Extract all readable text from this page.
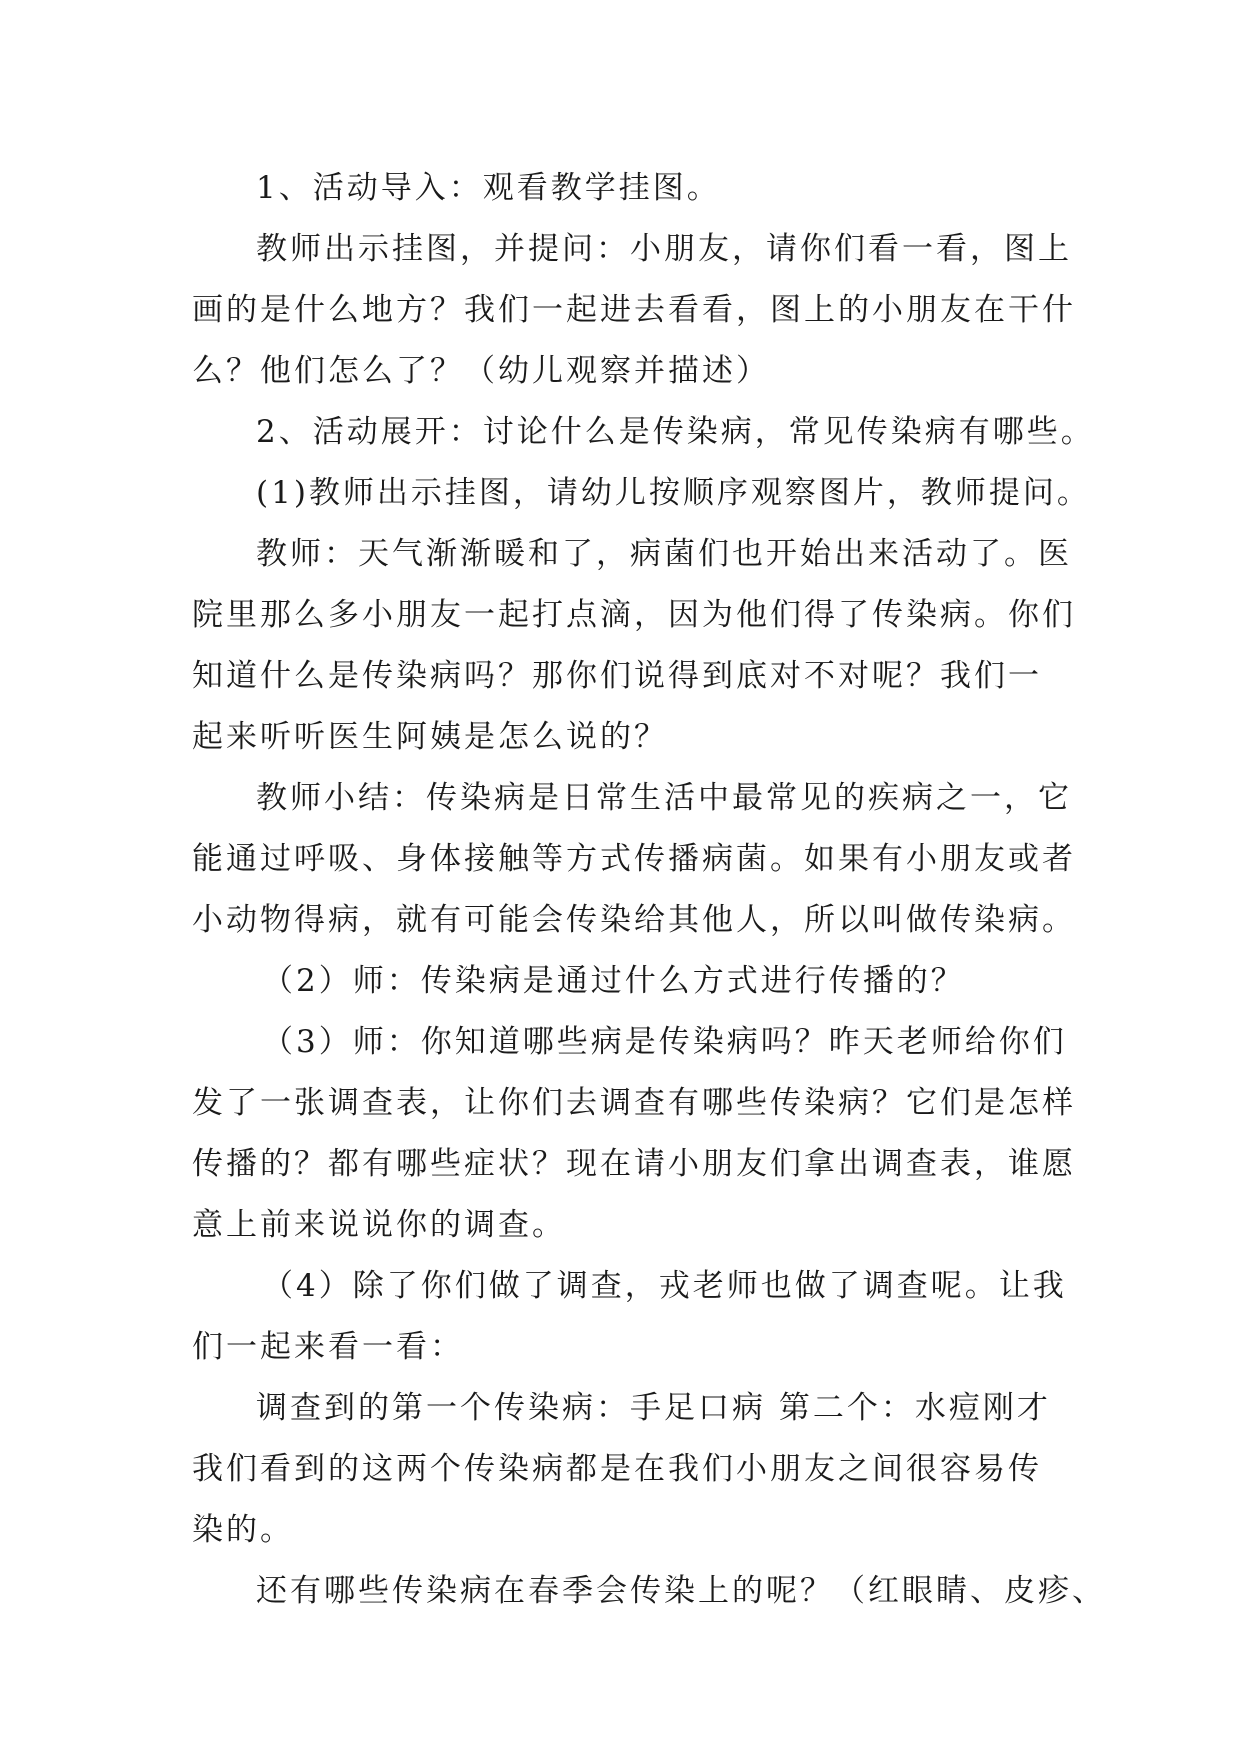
1、活动导入：观看教学挂图。
教师出示挂图，并提问：小朋友，请你们看一看，图上
画的是什么地方？我们一起进去看看，图上的小朋友在干什
么？他们怎么了？（幼儿观察并描述）
2、活动展开：讨论什么是传染病，常见传染病有哪些。
(1)教师出示挂图，请幼儿按顺序观察图片，教师提问。
教师：天气渐渐暖和了，病菌们也开始出来活动了。医
院里那么多小朋友一起打点滴，因为他们得了传染病。你们
知道什么是传染病吗？那你们说得到底对不对呢？我们一
起来听听医生阿姨是怎么说的？
教师小结：传染病是日常生活中最常见的疾病之一，它
能通过呼吸、身体接触等方式传播病菌。如果有小朋友或者
小动物得病，就有可能会传染给其他人，所以叫做传染病。
（2）师：传染病是通过什么方式进行传播的？
（3）师：你知道哪些病是传染病吗？昨天老师给你们
发了一张调查表，让你们去调查有哪些传染病？它们是怎样
传播的？都有哪些症状？现在请小朋友们拿出调查表，谁愿
意上前来说说你的调查。
（4）除了你们做了调查，戎老师也做了调查呢。让我
们一起来看一看：
调查到的第一个传染病：手足口病 第二个：水痘刚才
我们看到的这两个传染病都是在我们小朋友之间很容易传
染的。
还有哪些传染病在春季会传染上的呢？（红眼睛、皮疹、
